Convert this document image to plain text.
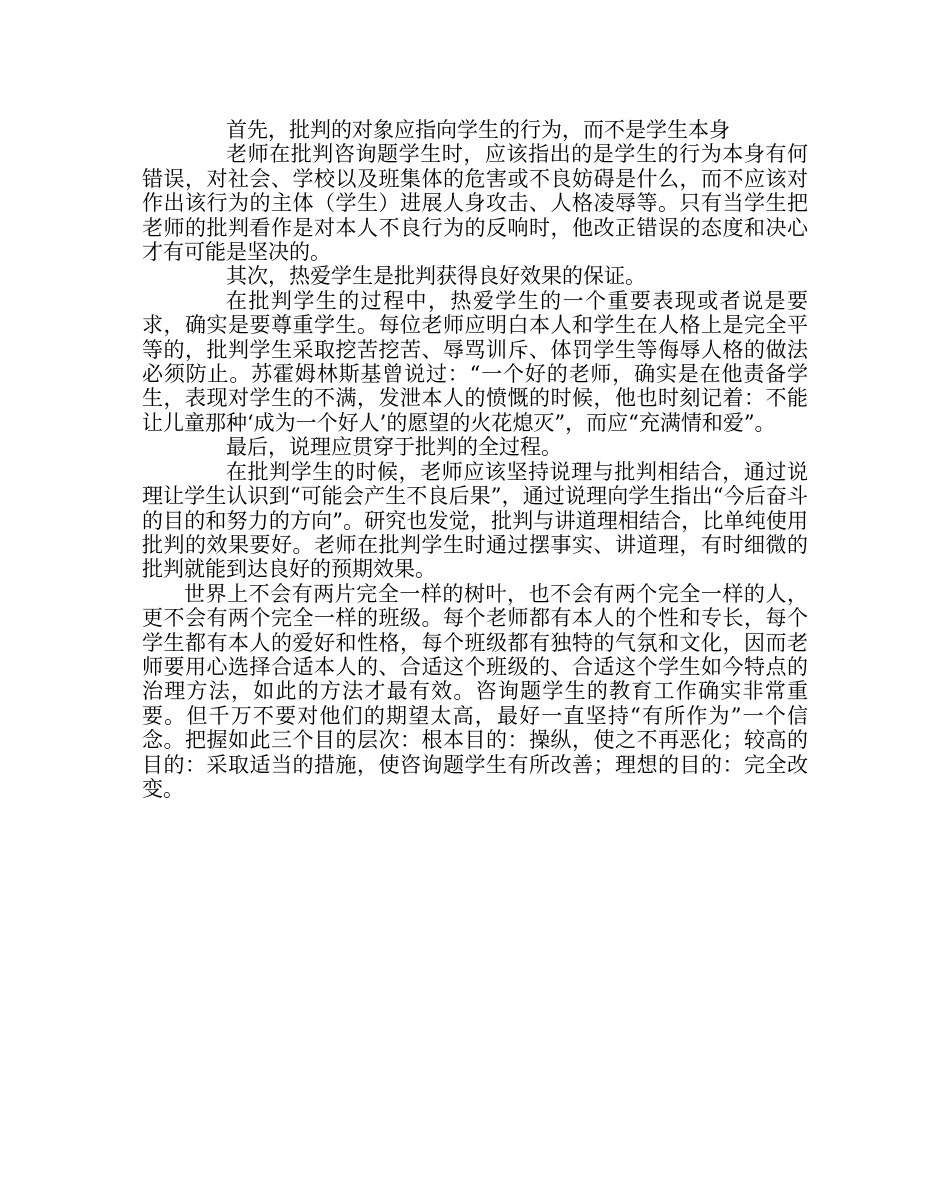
首先，批判的对象应指向学生的行为，而不是学生本身

老师在批判咨询题学生时，应该指出的是学生的行为本身有何错误，对社会、学校以及班集体的危害或不良妨碍是什么，而不应该对作出该行为的主体（学生）进展人身攻击、人格凌辱等。只有当学生把老师的批判看作是对本人不良行为的反响时，他改正错误的态度和决心才有可能是坚决的。

其次，热爱学生是批判获得良好效果的保证。

在批判学生的过程中，热爱学生的一个重要表现或者说是要求，确实是要尊重学生。每位老师应明白本人和学生在人格上是完全平等的，批判学生采取挖苦挖苦、辱骂训斥、体罚学生等侮辱人格的做法必须防止。苏霍姆林斯基曾说过：“一个好的老师，确实是在他责备学生，表现对学生的不满，发泄本人的愤慨的时候，他也时刻记着：不能让儿童那种‘成为一个好人’的愿望的火花熄灭”，而应“充满情和爱”。

最后，说理应贯穿于批判的全过程。

在批判学生的时候，老师应该坚持说理与批判相结合，通过说理让学生认识到“可能会产生不良后果”，通过说理向学生指出“今后奋斗的目的和努力的方向”。研究也发觉，批判与讲道理相结合，比单纯使用批判的效果要好。老师在批判学生时通过摆事实、讲道理，有时细微的批判就能到达良好的预期效果。

世界上不会有两片完全一样的树叶，也不会有两个完全一样的人，更不会有两个完全一样的班级。每个老师都有本人的个性和专长，每个学生都有本人的爱好和性格，每个班级都有独特的气氛和文化，因而老师要用心选择合适本人的、合适这个班级的、合适这个学生如今特点的治理方法，如此的方法才最有效。咨询题学生的教育工作确实非常重要。但千万不要对他们的期望太高，最好一直坚持“有所作为”一个信念。把握如此三个目的层次：根本目的：操纵，使之不再恶化；较高的目的：采取适当的措施，使咨询题学生有所改善；理想的目的：完全改变。
